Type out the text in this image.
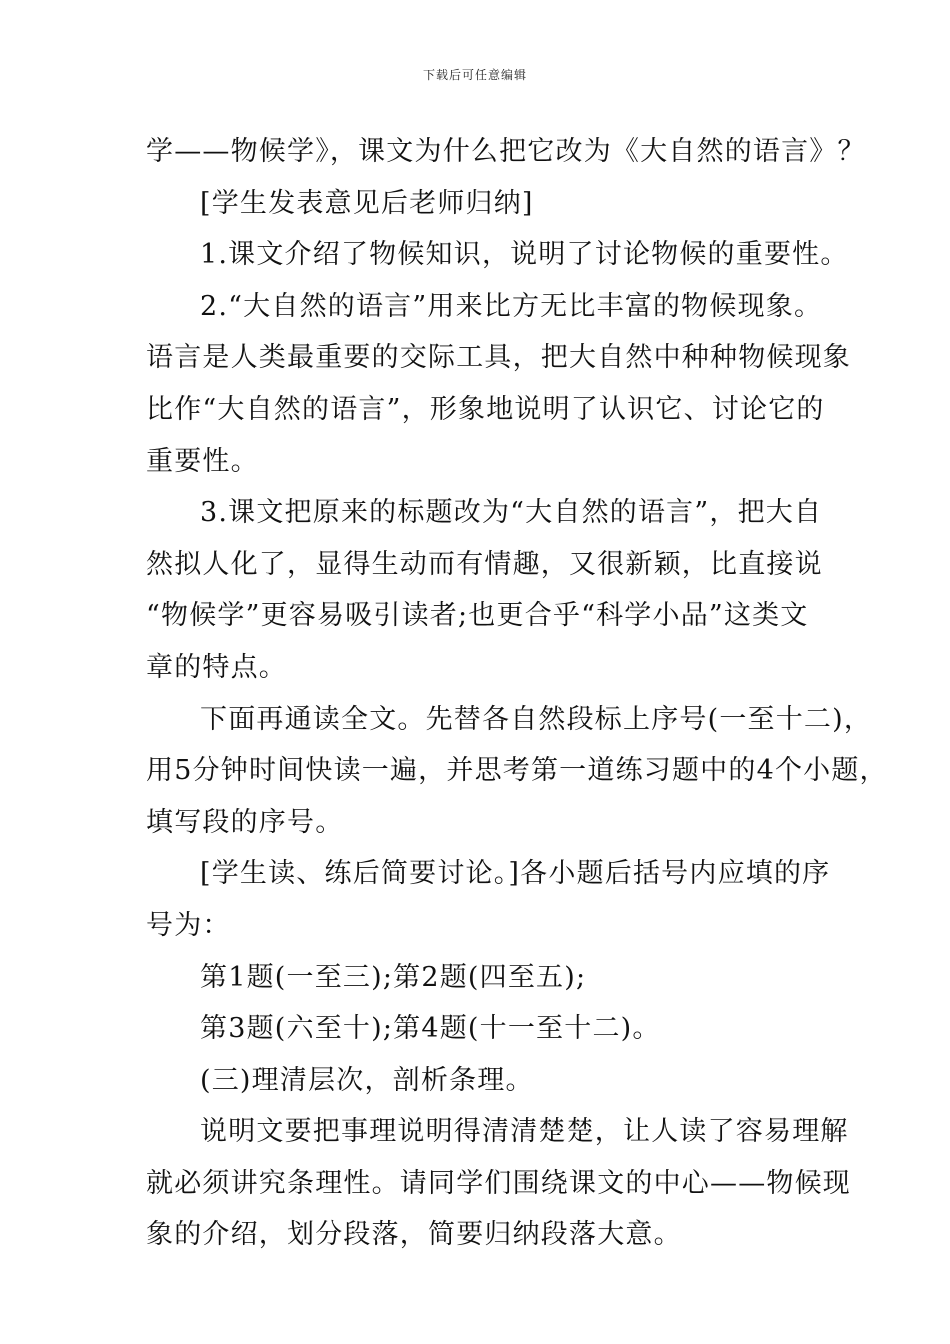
下载后可任意编辑
学——物候学》，课文为什么把它改为《大自然的语言》？
[学生发表意见后老师归纳]
1.课文介绍了物候知识，说明了讨论物候的重要性。
2.“大自然的语言”用来比方无比丰富的物候现象。
语言是人类最重要的交际工具，把大自然中种种物候现象
比作“大自然的语言”，形象地说明了认识它、讨论它的
重要性。
3.课文把原来的标题改为“大自然的语言”，把大自
然拟人化了，显得生动而有情趣，又很新颖，比直接说
“物候学”更容易吸引读者;也更合乎“科学小品”这类文
章的特点。
下面再通读全文。先替各自然段标上序号(一至十二)，
用5分钟时间快读一遍，并思考第一道练习题中的4个小题，
填写段的序号。
[学生读、练后简要讨论。]各小题后括号内应填的序
号为：
第1题(一至三);第2题(四至五);
第3题(六至十);第4题(十一至十二)。
(三)理清层次，剖析条理。
说明文要把事理说明得清清楚楚，让人读了容易理解
就必须讲究条理性。请同学们围绕课文的中心——物候现
象的介绍，划分段落，简要归纳段落大意。
